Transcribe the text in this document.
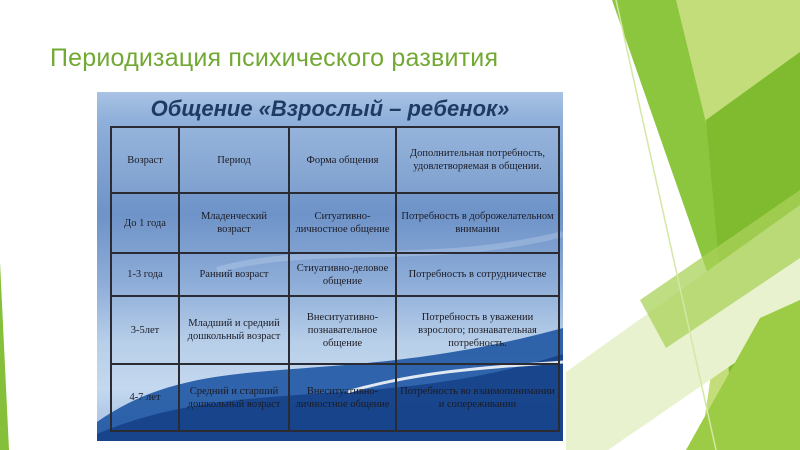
Периодизация психического развития
Общение «Взрослый – ребенок»
Возраст	Период	Форма общения	Дополнительная потребность, удовлетворяемая в общении.
До 1 года	Младенческий возраст	Ситуативно-личностное общение	Потребность в доброжелательном внимании
1-3 года	Ранний возраст	Стиуативно-деловое общение	Потребность в сотрудничестве
3-5лет	Младший и средний дошкольный возраст	Внеситуативно-познавательное общение	Потребность в уважении взрослого; познавательная потребность.
4-7 лет	Средний и старший дошкольный возраст	Внеситуативно-личностное общение	Потребность во взаимопонимании и сопереживании
